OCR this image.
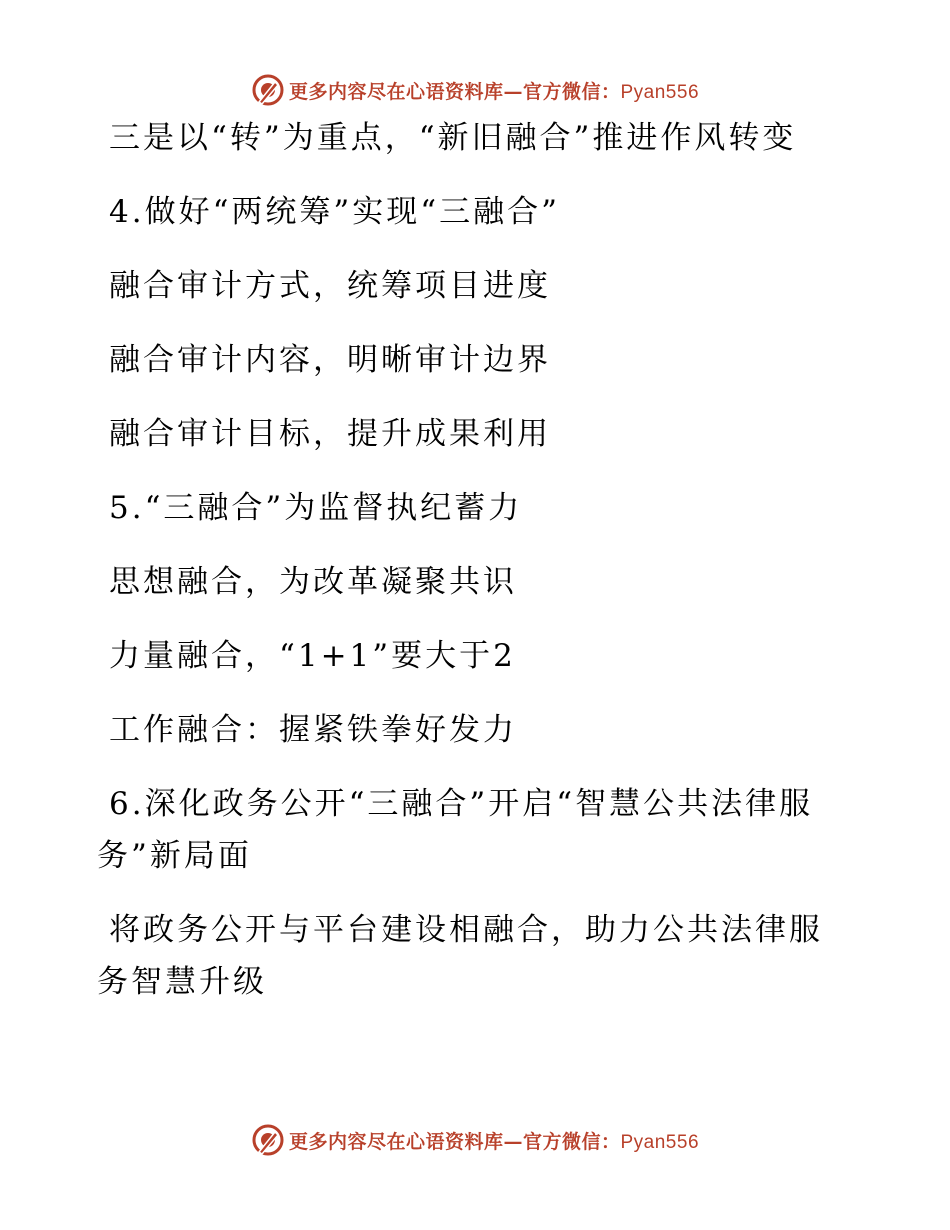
更多内容尽在心语资料库—官方微信：Pyan556

三是以“转”为重点，“新旧融合”推进作风转变

4.做好“两统筹”实现“三融合”

融合审计方式，统筹项目进度

融合审计内容，明晰审计边界

融合审计目标，提升成果利用

5.“三融合”为监督执纪蓄力

思想融合，为改革凝聚共识

力量融合，“1+1”要大于2

工作融合：握紧铁拳好发力

6.深化政务公开“三融合”开启“智慧公共法律服务”新局面

将政务公开与平台建设相融合，助力公共法律服务智慧升级

更多内容尽在心语资料库—官方微信：Pyan556
